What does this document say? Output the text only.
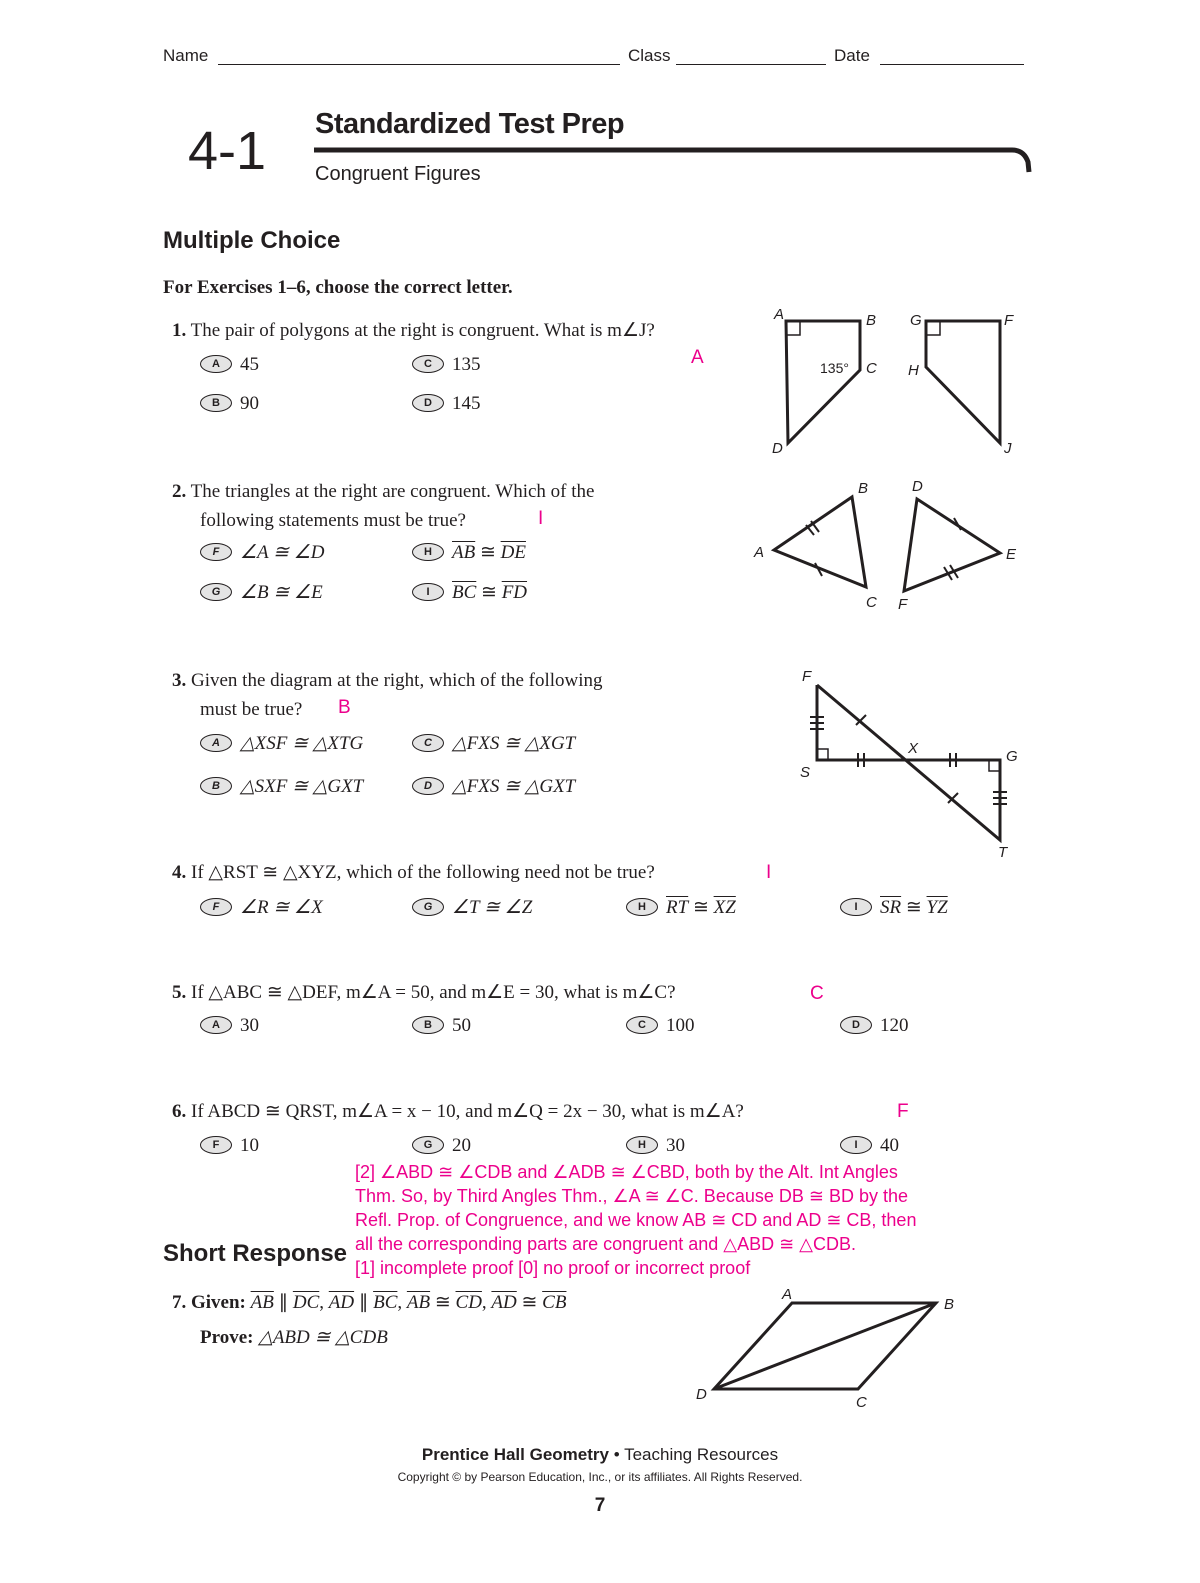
Name	Class	Date
4-1 Standardized Test Prep
Congruent Figures
Multiple Choice
For Exercises 1–6, choose the correct letter.
1. The pair of polygons at the right is congruent. What is m∠J?
A
A 45	C 135
B 90	D 145
A	B
C
D
G	F
H
J
135°
2. The triangles at the right are congruent. Which of the
following statements must be true?	I
F ∠A ≅ ∠D	H $\overline{AB}$ ≅ $\overline{DE}$
G ∠B ≅ ∠E	I $\overline{BC}$ ≅ $\overline{FD}$
A
B
C
D
E
F
3. Given the diagram at the right, which of the following
must be true?	B
A △XSF ≅ △XTG	C △FXS ≅ △XGT
B △SXF ≅ △GXT	D △FXS ≅ △GXT
F
S
X	G
T
4. If △RST ≅ △XYZ, which of the following need not be true?	I
F ∠R ≅ ∠X	G ∠T ≅ ∠Z	H $\overline{RT}$ ≅ $\overline{XZ}$	I $\overline{SR}$ ≅ $\overline{YZ}$
5. If △ABC ≅ △DEF, m∠A = 50, and m∠E = 30, what is m∠C?	C
A 30	B 50	C 100	D 120
6. If ABCD ≅ QRST, m∠A = x − 10, and m∠Q = 2x − 30, what is m∠A?	F
F 10	G 20	H 30	I 40
[2] ∠ABD ≅ ∠CDB and ∠ADB ≅ ∠CBD, both by the Alt. Int Angles
Thm. So, by Third Angles Thm., ∠A ≅ ∠C. Because DB ≅ BD by the
Refl. Prop. of Congruence, and we know AB ≅ CD and AD ≅ CB, then
all the corresponding parts are congruent and △ABD ≅ △CDB.
[1] incomplete proof [0] no proof or incorrect proof
Short Response
7. Given: $\overline{AB}$ ∥ $\overline{DC}$, $\overline{AD}$ ∥ $\overline{BC}$, $\overline{AB}$ ≅ $\overline{CD}$, $\overline{AD}$ ≅ $\overline{CB}$
Prove: △ABD ≅ △CDB
A
B
C
D
Prentice Hall Geometry • Teaching Resources
Copyright © by Pearson Education, Inc., or its affiliates. All Rights Reserved.
7
